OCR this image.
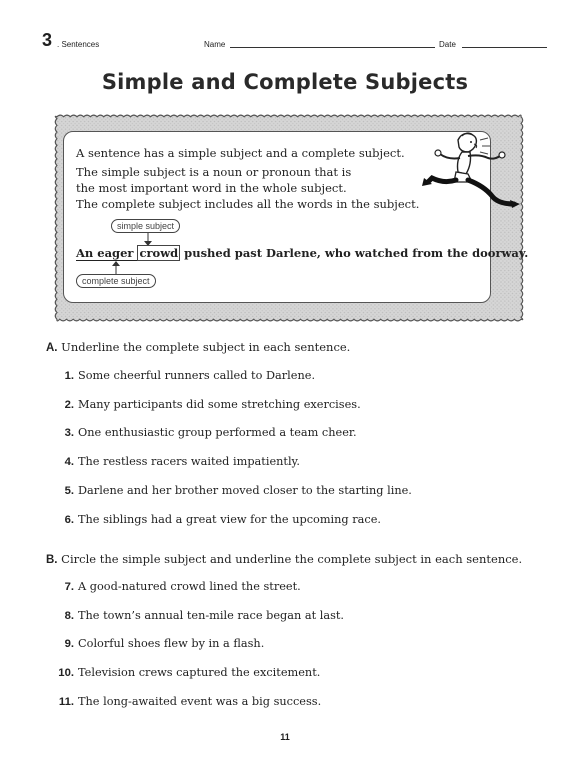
3 . Sentences	Name	Date
Simple and Complete Subjects
A sentence has a simple subject and a complete subject.
The simple subject is a noun or pronoun that is
the most important word in the whole subject.
The complete subject includes all the words in the subject.
simple subject
An eager crowd pushed past Darlene, who watched from the doorway.
complete subject
A. Underline the complete subject in each sentence.
1. Some cheerful runners called to Darlene.
2. Many participants did some stretching exercises.
3. One enthusiastic group performed a team cheer.
4. The restless racers waited impatiently.
5. Darlene and her brother moved closer to the starting line.
6. The siblings had a great view for the upcoming race.
B. Circle the simple subject and underline the complete subject in each sentence.
7. A good-natured crowd lined the street.
8. The town’s annual ten-mile race began at last.
9. Colorful shoes flew by in a flash.
10. Television crews captured the excitement.
11. The long-awaited event was a big success.
11
